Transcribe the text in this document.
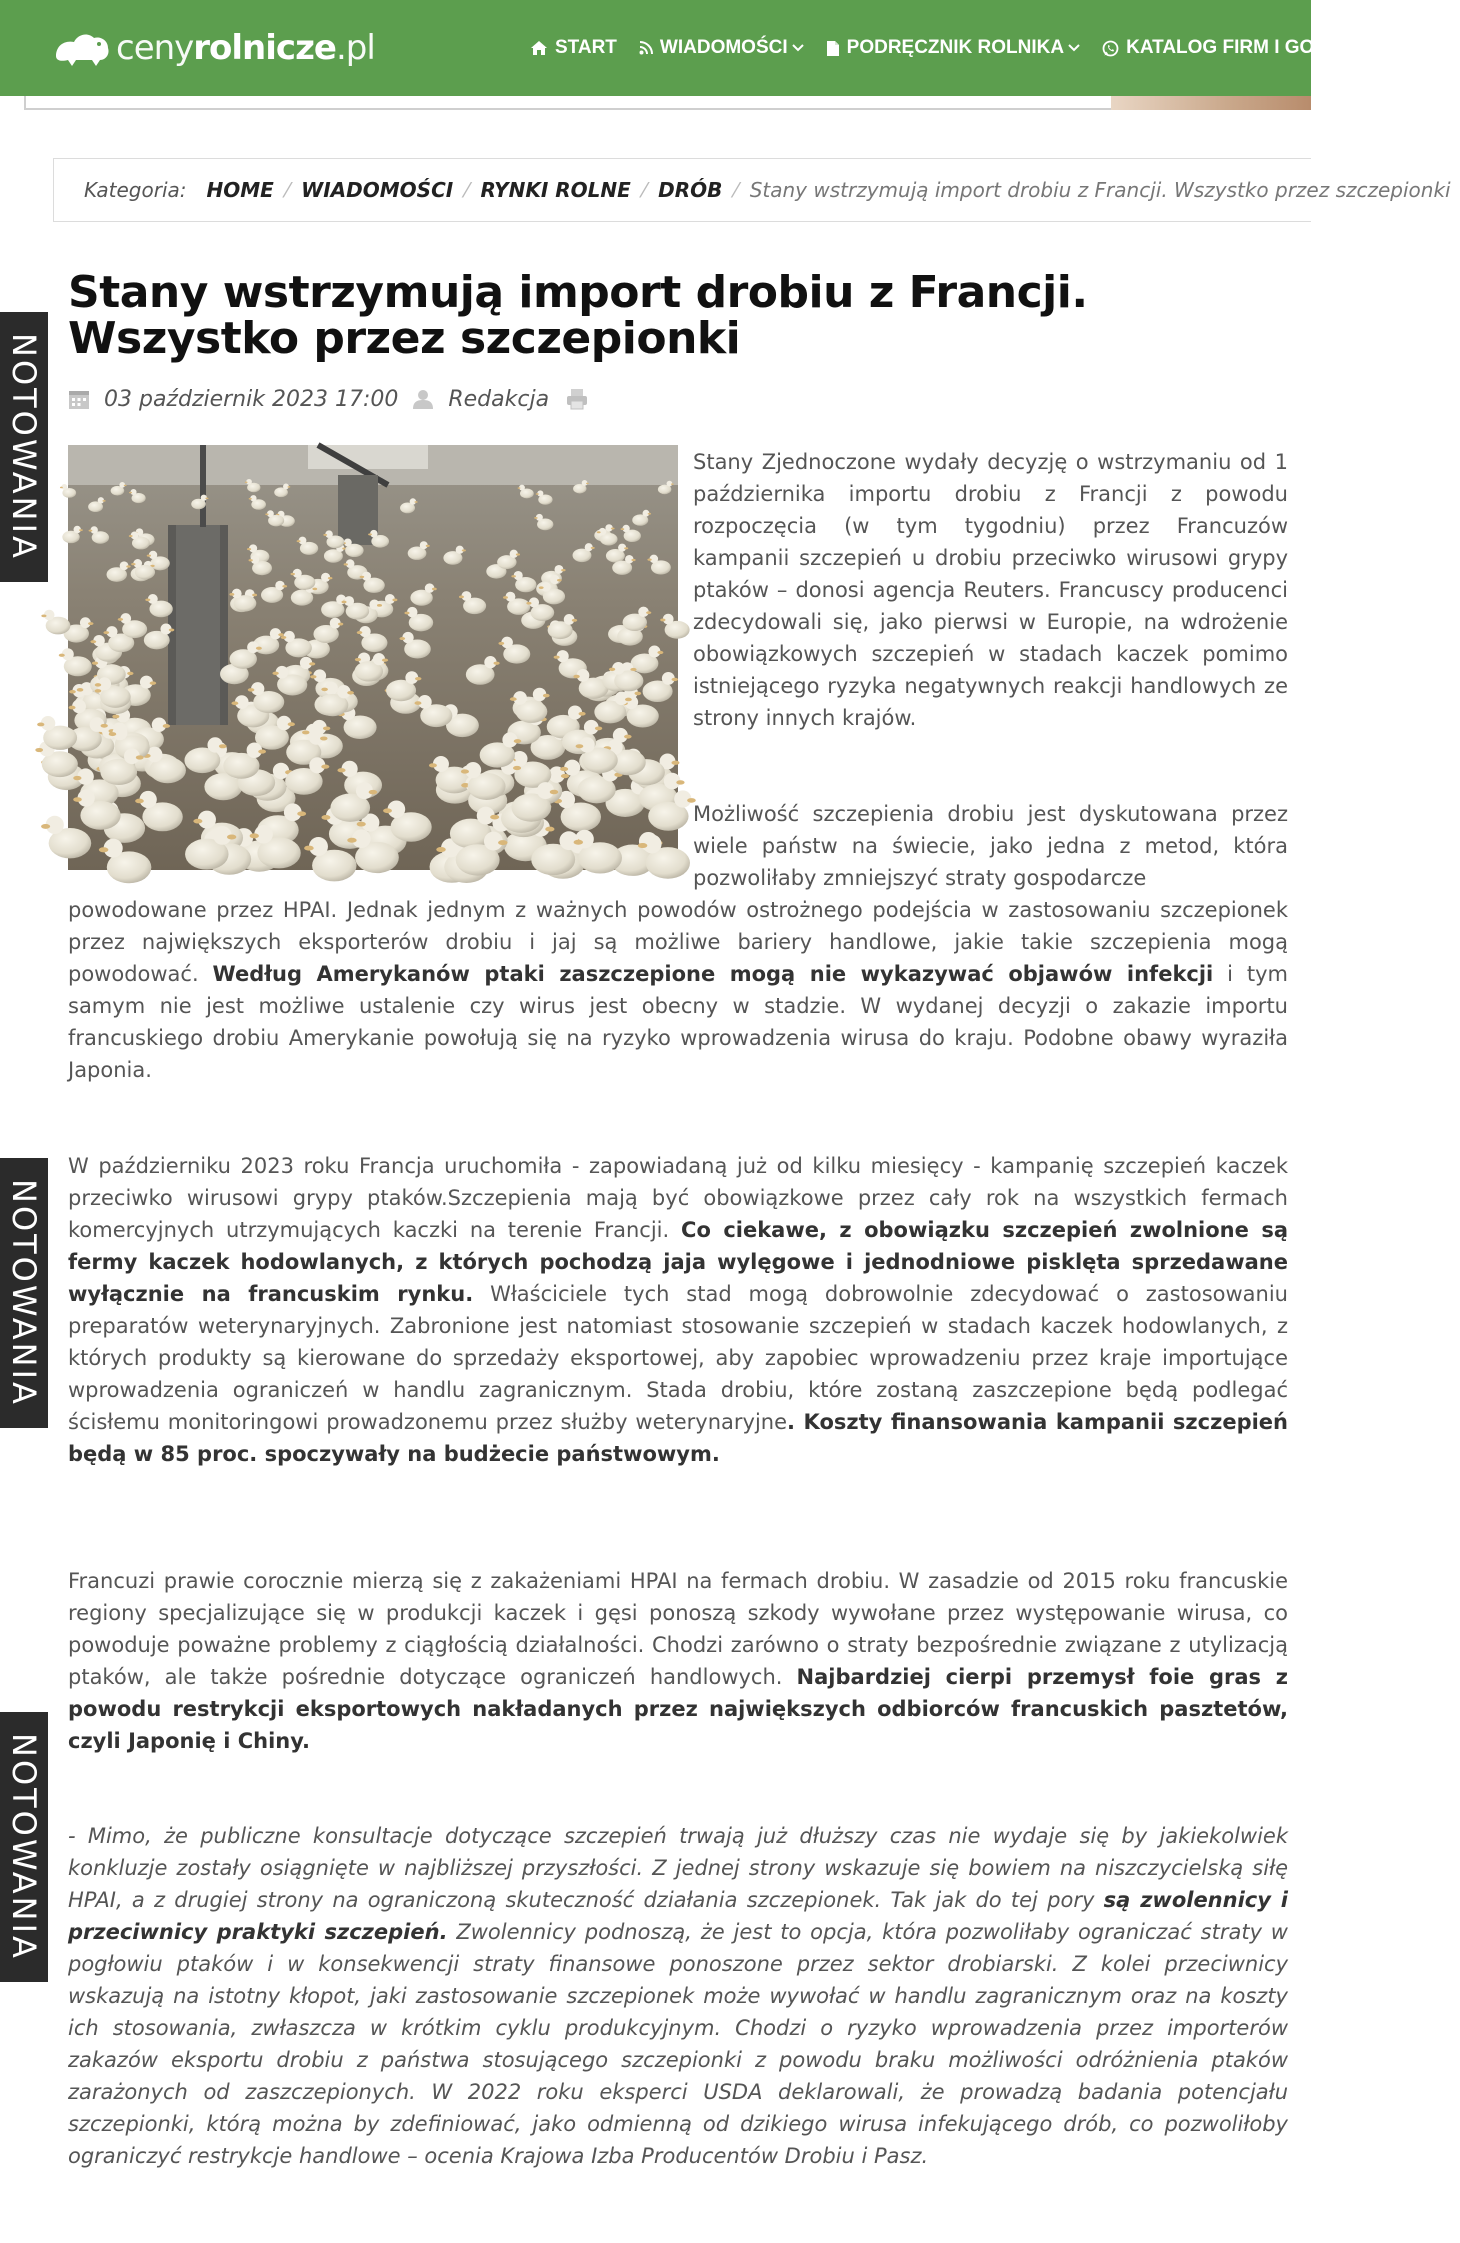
cenyrolnicze.pl	START WIADOMOŚCI	PODRĘCZNIK ROLNIKA	KATALOG FIRM I GOSPODARSTW
Kategoria: HOME ⁄ WIADOMOŚCI ⁄ RYNKI ROLNE ⁄ DRÓB ⁄ Stany wstrzymują import drobiu z Francji. Wszystko przez szczepionki
NOTOWANIA
NOTOWANIA
NOTOWANIA
Stany wstrzymują import drobiu z Francji. Wszystko przez szczepionki
03 październik 2023 17:00 Redakcja

Stany Zjednoczone wydały decyzję o wstrzymaniu od 1 października importu drobiu z Francji z powodu rozpoczęcia (w tym tygodniu) przez Francuzów kampanii szczepień u drobiu przeciwko wirusowi grypy ptaków – donosi agencja Reuters. Francuscy producenci zdecydowali się, jako pierwsi w Europie, na wdrożenie obowiązkowych szczepień w stadach kaczek pomimo istniejącego ryzyka negatywnych reakcji handlowych ze strony innych krajów.

Możliwość szczepienia drobiu jest dyskutowana przez wiele państw na świecie, jako jedna z metod, która pozwoliłaby zmniejszyć straty gospodarcze

powodowane przez HPAI. Jednak jednym z ważnych powodów ostrożnego podejścia w zastosowaniu szczepionek przez największych eksporterów drobiu i jaj są możliwe bariery handlowe, jakie takie szczepienia mogą powodować. Według Amerykanów ptaki zaszczepione mogą nie wykazywać objawów infekcji i tym samym nie jest możliwe ustalenie czy wirus jest obecny w stadzie. W wydanej decyzji o zakazie importu francuskiego drobiu Amerykanie powołują się na ryzyko wprowadzenia wirusa do kraju. Podobne obawy wyraziła Japonia.

W październiku 2023 roku Francja uruchomiła - zapowiadaną już od kilku miesięcy - kampanię szczepień kaczek przeciwko wirusowi grypy ptaków.Szczepienia mają być obowiązkowe przez cały rok na wszystkich fermach komercyjnych utrzymujących kaczki na terenie Francji. Co ciekawe, z obowiązku szczepień zwolnione są fermy kaczek hodowlanych, z których pochodzą jaja wylęgowe i jednodniowe pisklęta sprzedawane wyłącznie na francuskim rynku. Właściciele tych stad mogą dobrowolnie zdecydować o zastosowaniu preparatów weterynaryjnych. Zabronione jest natomiast stosowanie szczepień w stadach kaczek hodowlanych, z których produkty są kierowane do sprzedaży eksportowej, aby zapobiec wprowadzeniu przez kraje importujące wprowadzenia ograniczeń w handlu zagranicznym. Stada drobiu, które zostaną zaszczepione będą podlegać ścisłemu monitoringowi prowadzonemu przez służby weterynaryjne. Koszty finansowania kampanii szczepień będą w 85 proc. spoczywały na budżecie państwowym.

Francuzi prawie corocznie mierzą się z zakażeniami HPAI na fermach drobiu. W zasadzie od 2015 roku francuskie regiony specjalizujące się w produkcji kaczek i gęsi ponoszą szkody wywołane przez występowanie wirusa, co powoduje poważne problemy z ciągłością działalności. Chodzi zarówno o straty bezpośrednie związane z utylizacją ptaków, ale także pośrednie dotyczące ograniczeń handlowych. Najbardziej cierpi przemysł foie gras z powodu restrykcji eksportowych nakładanych przez największych odbiorców francuskich pasztetów, czyli Japonię i Chiny.

- Mimo, że publiczne konsultacje dotyczące szczepień trwają już dłuższy czas nie wydaje się by jakiekolwiek konkluzje zostały osiągnięte w najbliższej przyszłości. Z jednej strony wskazuje się bowiem na niszczycielską siłę HPAI, a z drugiej strony na ograniczoną skuteczność działania szczepionek. Tak jak do tej pory są zwolennicy i przeciwnicy praktyki szczepień. Zwolennicy podnoszą, że jest to opcja, która pozwoliłaby ograniczać straty w pogłowiu ptaków i w konsekwencji straty finansowe ponoszone przez sektor drobiarski. Z kolei przeciwnicy wskazują na istotny kłopot, jaki zastosowanie szczepionek może wywołać w handlu zagranicznym oraz na koszty ich stosowania, zwłaszcza w krótkim cyklu produkcyjnym. Chodzi o ryzyko wprowadzenia przez importerów zakazów eksportu drobiu z państwa stosującego szczepionki z powodu braku możliwości odróżnienia ptaków zarażonych od zaszczepionych. W 2022 roku eksperci USDA deklarowali, że prowadzą badania potencjału szczepionki, którą można by zdefiniować, jako odmienną od dzikiego wirusa infekującego drób, co pozwoliłoby ograniczyć restrykcje handlowe – ocenia Krajowa Izba Producentów Drobiu i Pasz.
